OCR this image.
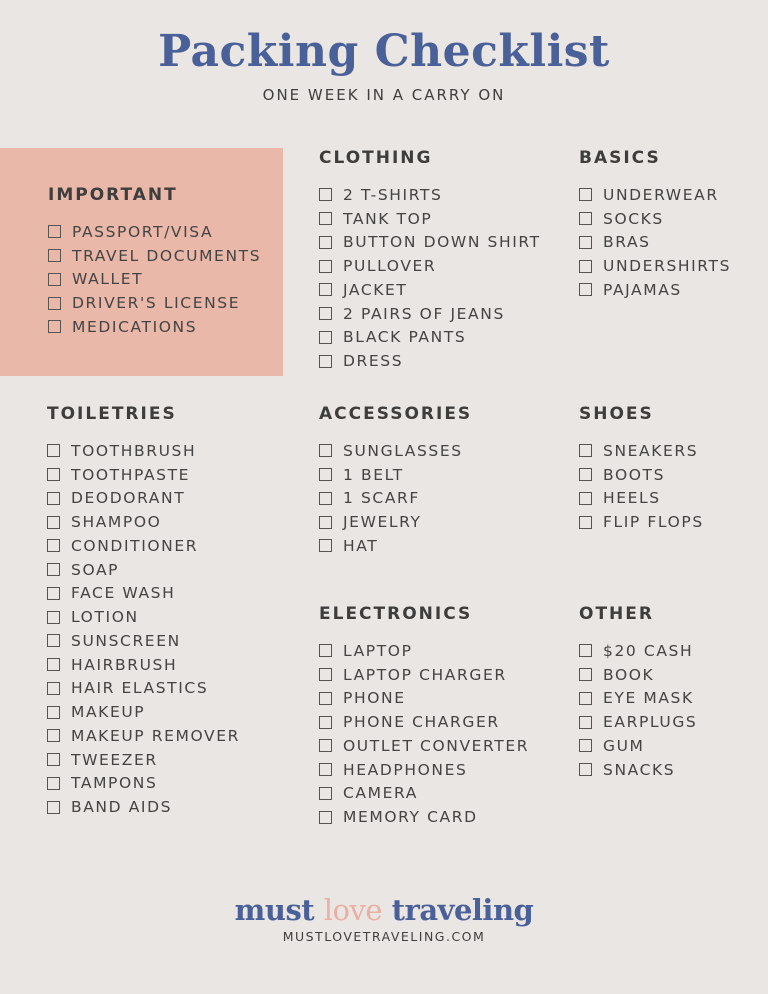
Packing Checklist
ONE WEEK IN A CARRY ON
IMPORTANT
PASSPORT/VISA
TRAVEL DOCUMENTS
WALLET
DRIVER'S LICENSE
MEDICATIONS
CLOTHING
2 T-SHIRTS
TANK TOP
BUTTON DOWN SHIRT
PULLOVER
JACKET
2 PAIRS OF JEANS
BLACK PANTS
DRESS
BASICS
UNDERWEAR
SOCKS
BRAS
UNDERSHIRTS
PAJAMAS
TOILETRIES
TOOTHBRUSH
TOOTHPASTE
DEODORANT
SHAMPOO
CONDITIONER
SOAP
FACE WASH
LOTION
SUNSCREEN
HAIRBRUSH
HAIR ELASTICS
MAKEUP
MAKEUP REMOVER
TWEEZER
TAMPONS
BAND AIDS
ACCESSORIES
SUNGLASSES
1 BELT
1 SCARF
JEWELRY
HAT
SHOES
SNEAKERS
BOOTS
HEELS
FLIP FLOPS
ELECTRONICS
LAPTOP
LAPTOP CHARGER
PHONE
PHONE CHARGER
OUTLET CONVERTER
HEADPHONES
CAMERA
MEMORY CARD
OTHER
$20 CASH
BOOK
EYE MASK
EARPLUGS
GUM
SNACKS
must love traveling
MUSTLOVETRAVELING.COM
